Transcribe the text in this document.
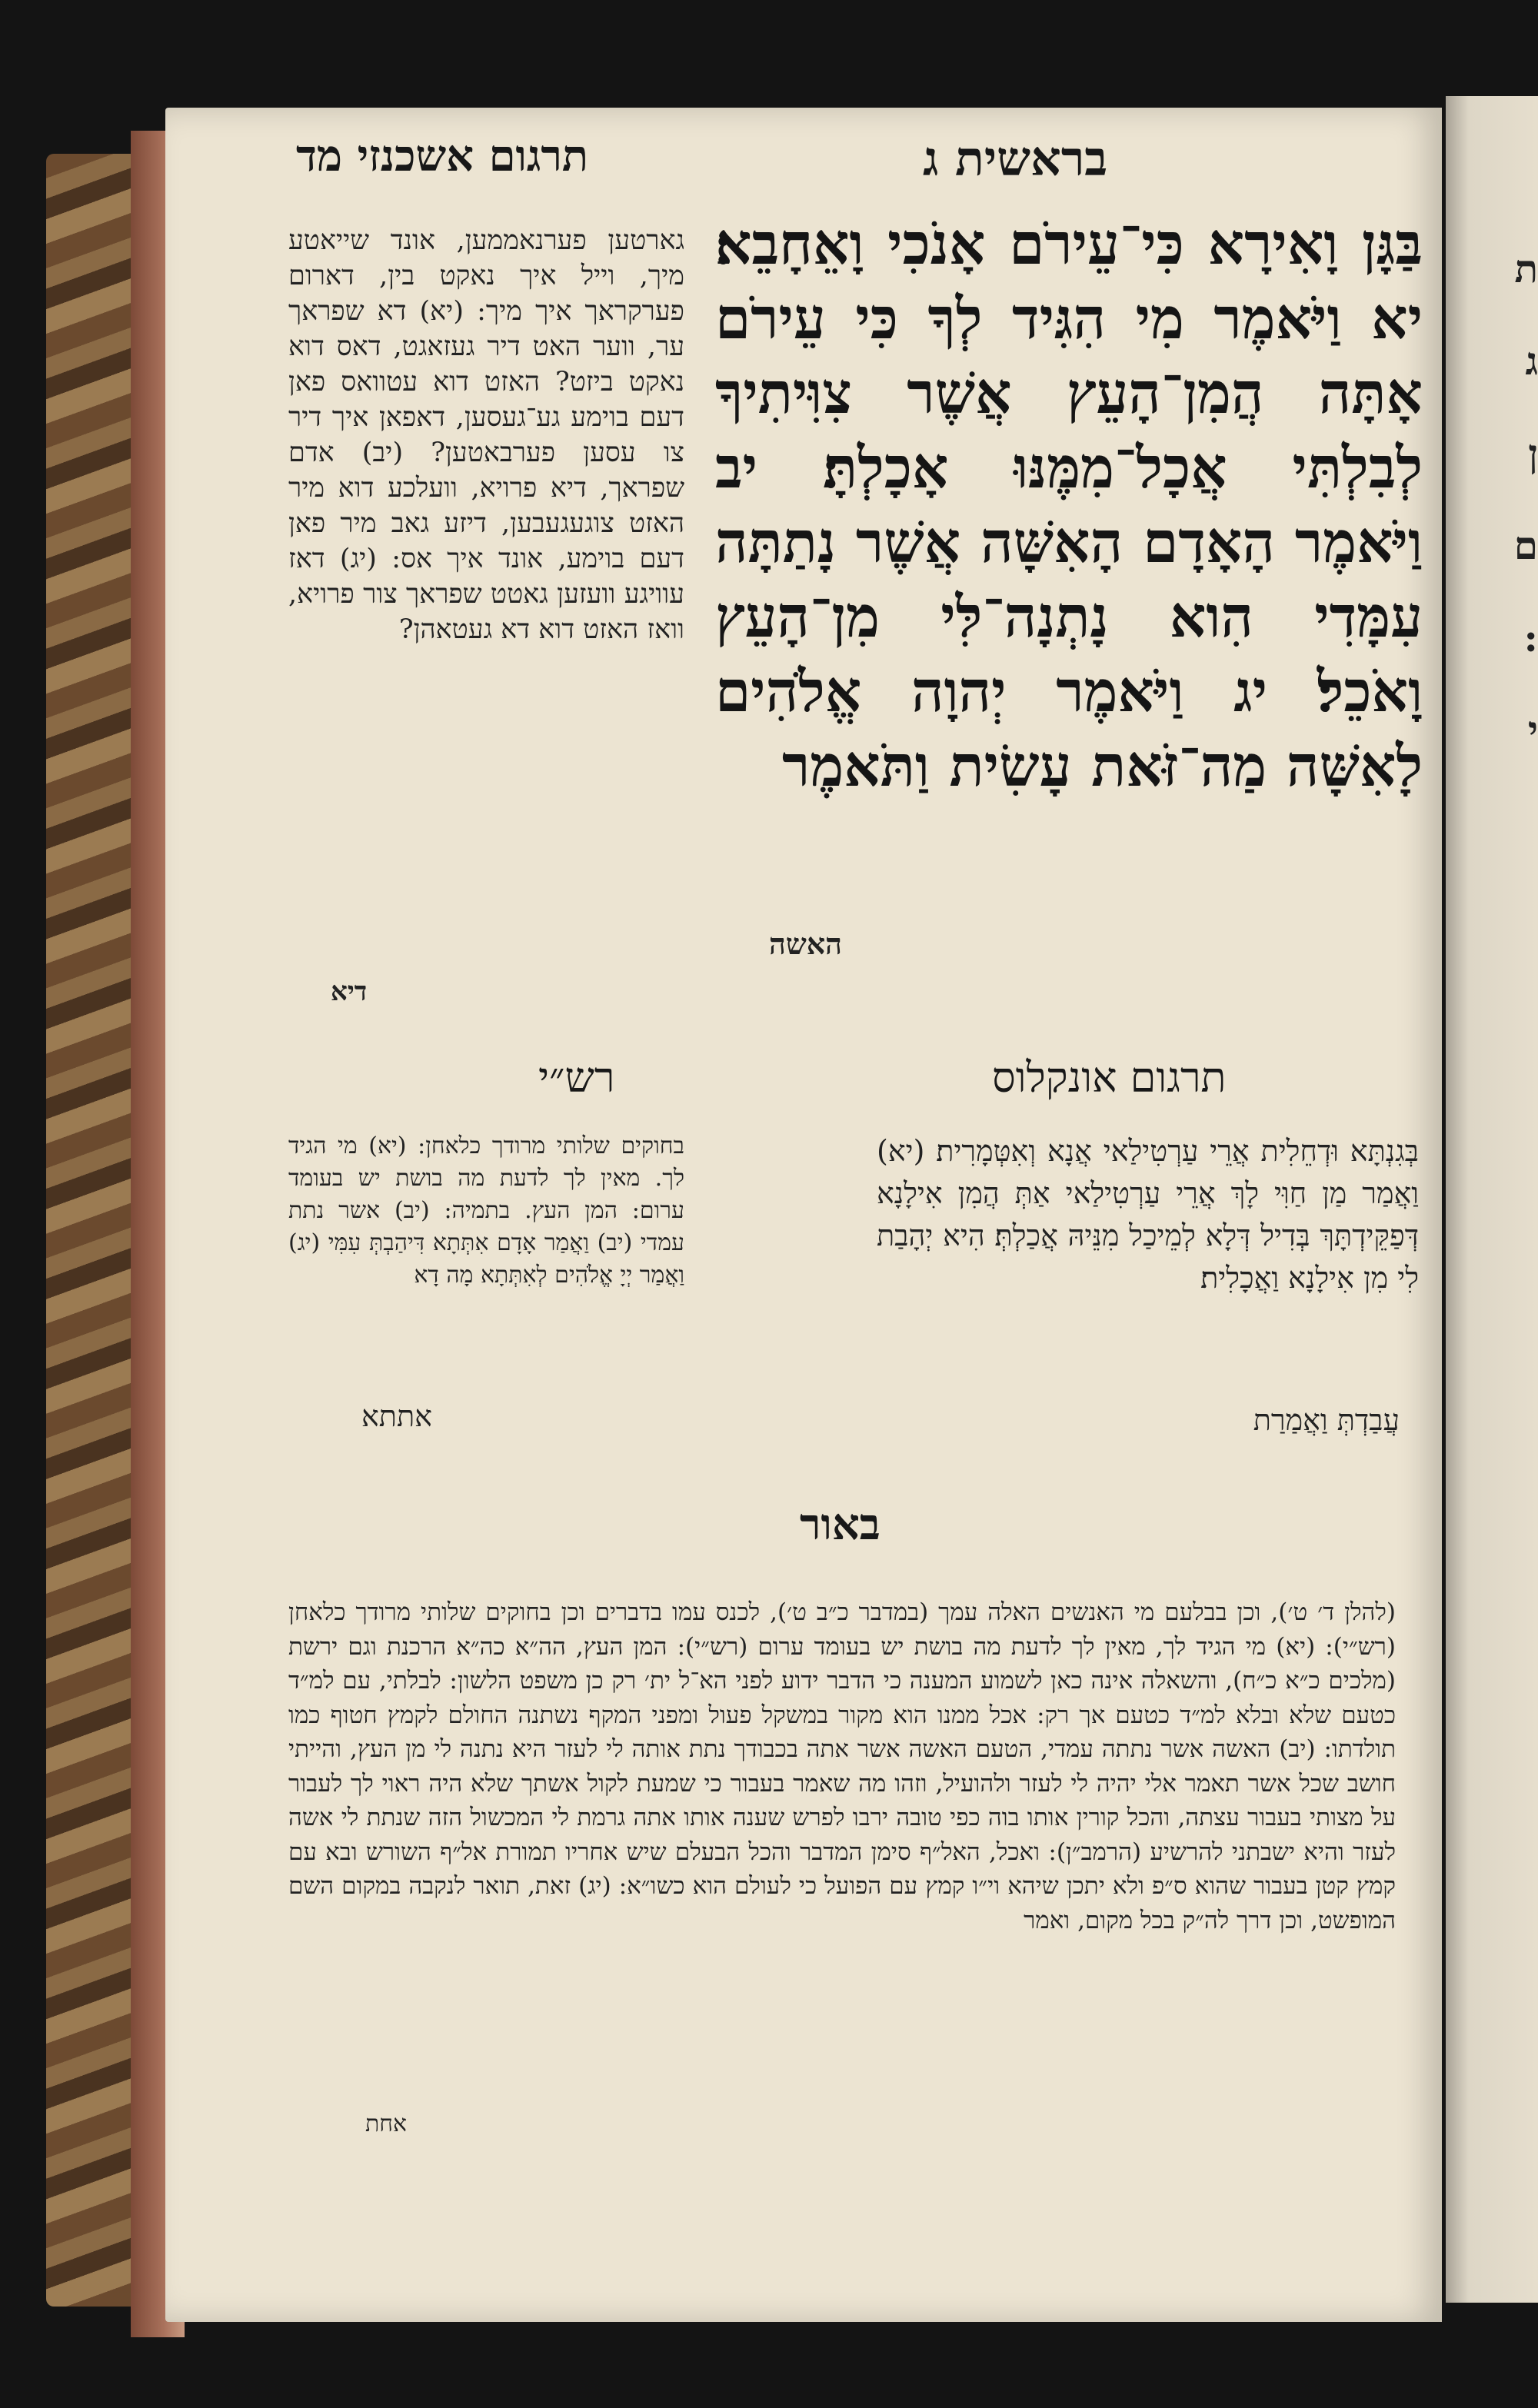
ת ג ן ם : י
תרגום אשכנזי מד	בראשית ג

בַּגָּן וָאִירָא כִּי־עֵירֹם אָנֹכִי וָאֵחָבֵא׃ יא וַיֹּאמֶר מִי הִגִּיד לְךָ כִּי עֵירֹם אָתָּה הֲמִן־הָעֵץ אֲשֶׁר צִוִּיתִיךָ לְבִלְתִּי אֲכָל־מִמֶּנּוּ אָכָלְתָּ׃ יב וַיֹּאמֶר הָאָדָם הָאִשָּׁה אֲשֶׁר נָתַתָּה עִמָּדִי הִוא נָתְנָה־לִּי מִן־הָעֵץ וָאֹכֵל׃ יג וַיֹּאמֶר יְהוָה אֱלֹהִים לָאִשָּׁה מַה־זֹּאת עָשִׂית וַתֹּאמֶר

האשה

גארטען פערנאממען, אונד שייאטע מיך, וייל איך נאקט בין, דארום פערקראך איך מיך: (יא) דא שפראך ער, ווער האט דיר געזאגט, דאס דוא נאקט ביזט? האזט דוא עטוואס פאן דעם בוימע גע־געסען, דאפאן איך דיר צו עסען פערבאטען? (יב) אדם שפראך, דיא פרויא, וועלכע דוא מיר האזט צוגעגעבען, דיזע גאב מיר פאן דעם בוימע, אונד איך אס: (יג) דאז עוויגע וועזען גאטט שפראך צור פרויא, וואז האזט דוא דא געטאהן?

דיא
תרגום אונקלוס

בְּגִנְתָּא וּדְחֵלִית אֲרֵי עַרְטִילַאי אֲנָא וְאִטְּמָרִית׃ (יא) וַאֲמַר מַן חַוִּי לָךְ אֲרֵי עַרְטִילַאי אַתְּ הֲמִן אִילָנָא דְּפַקֵּידְתָּךְ בְּדִיל דְּלָא לְמֵיכַל מִנֵּיהּ אֲכַלְתְּ׃ הִיא יְהָבַת לִי מִן אִילָנָא וַאֲכָלִית׃

עֲבַדְתְּ וַאֲמַרַת
רש״י

בחוקים שלותי מרודך כלאחן: (יא) מי הגיד לך. מאין לך לדעת מה בושת יש בעומד ערום: המן העץ. בתמיה: (יב) אשר נתת עמדי (יב) וַאֲמַר אָדָם אִתְּתָא דִּיהַבְתְּ עִמִּי (יג) וַאֲמַר יְיָ אֱלֹהִים לְאִתְּתָא מָה דָא

אתתא
באור

(להלן ד׳ ט׳), וכן בבלעם מי האנשים האלה עמך (במדבר כ״ב ט׳), לכנס עמו בדברים וכן בחוקים שלותי מרודך כלאחן (רש״י): (יא) מי הגיד לך, מאין לך לדעת מה בושת יש בעומד ערום (רש״י): המן העץ, הה״א כה״א הרכנת וגם ירשת (מלכים כ״א כ״ח), והשאלה אינה כאן לשמוע המענה כי הדבר ידוע לפני הא־ל ית׳ רק כן משפט הלשון: לבלתי, עם למ״ד כטעם שלא ובלא למ״ד כטעם אך רק: אכל ממנו הוא מקור במשקל פעול ומפני המקף נשתנה החולם לקמץ חטוף כמו תולדתו: (יב) האשה אשר נתתה עמדי, הטעם האשה אשר אתה בכבודך נתת אותה לי לעזר היא נתנה לי מן העץ, והייתי חושב שכל אשר תאמר אלי יהיה לי לעזר ולהועיל, וזהו מה שאמר בעבור כי שמעת לקול אשתך שלא היה ראוי לך לעבור על מצותי בעבור עצתה, והכל קורין אותו בוה כפי טובה ירבו לפרש שענה אותו אתה גרמת לי המכשול הזה שנתת לי אשה לעזר והיא ישבתני להרשיע (הרמב״ן): ואכל, האל״ף סימן המדבר והכל הבעלם שיש אחריו תמורת אל״ף השורש ובא עם קמץ קטן בעבור שהוא ס״פ ולא יתכן שיהא וי״ו קמץ עם הפועל כי לעולם הוא כשו״א: (יג) זאת, תואר לנקבה במקום השם המופשט, וכן דרך לה״ק בכל מקום, ואמר

אחת
